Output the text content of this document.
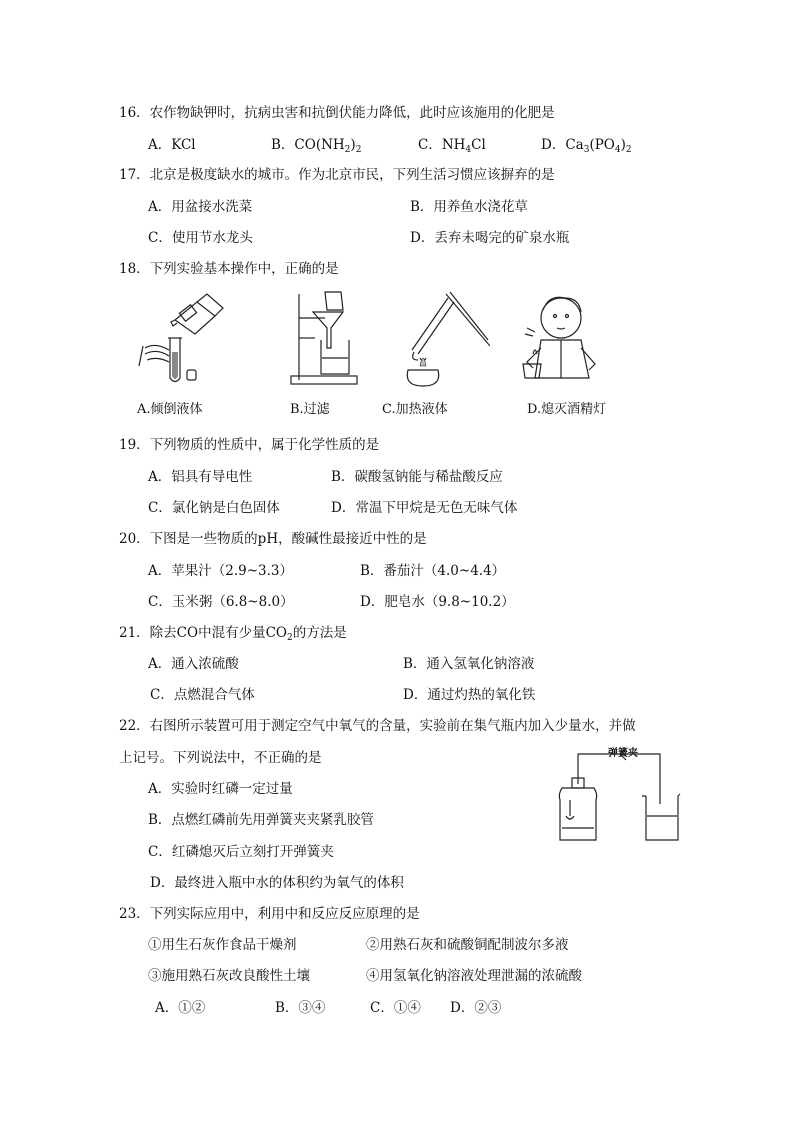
16．农作物缺钾时，抗病虫害和抗倒伏能力降低，此时应该施用的化肥是
A．KCl	B．$CO(NH_2)_2$	C．$NH_4Cl$	D．$Ca_3(PO_4)_2$
17．北京是极度缺水的城市。作为北京市民，下列生活习惯应该摒弃的是
A．用盆接水洗菜	B．用养鱼水浇花草
C．使用节水龙头	D．丢弃未喝完的矿泉水瓶
18．下列实验基本操作中，正确的是
A.倾倒液体	B.过滤	C.加热液体	D.熄灭酒精灯
19．下列物质的性质中，属于化学性质的是
A．铝具有导电性	B．碳酸氢钠能与稀盐酸反应
C．氯化钠是白色固体	D．常温下甲烷是无色无味气体
20．下图是一些物质的pH，酸碱性最接近中性的是
A．苹果汁（2.9~3.3）	B．番茄汁（4.0~4.4）
C．玉米粥（6.8~8.0）	D．肥皂水（9.8~10.2）
21．除去CO中混有少量$CO_2$的方法是
A．通入浓硫酸	B．通入氢氧化钠溶液
C．点燃混合气体	D．通过灼热的氧化铁
22．右图所示装置可用于测定空气中氧气的含量，实验前在集气瓶内加入少量水，并做
上记号。下列说法中，不正确的是
A．实验时红磷一定过量
B．点燃红磷前先用弹簧夹夹紧乳胶管
C．红磷熄灭后立刻打开弹簧夹
D．最终进入瓶中水的体积约为氧气的体积
弹簧夹
23．下列实际应用中，利用中和反应反应原理的是
①用生石灰作食品干燥剂	②用熟石灰和硫酸铜配制波尔多液
③施用熟石灰改良酸性土壤	④用氢氧化钠溶液处理泄漏的浓硫酸
A．①②	B．③④	C．①④ D．②③
